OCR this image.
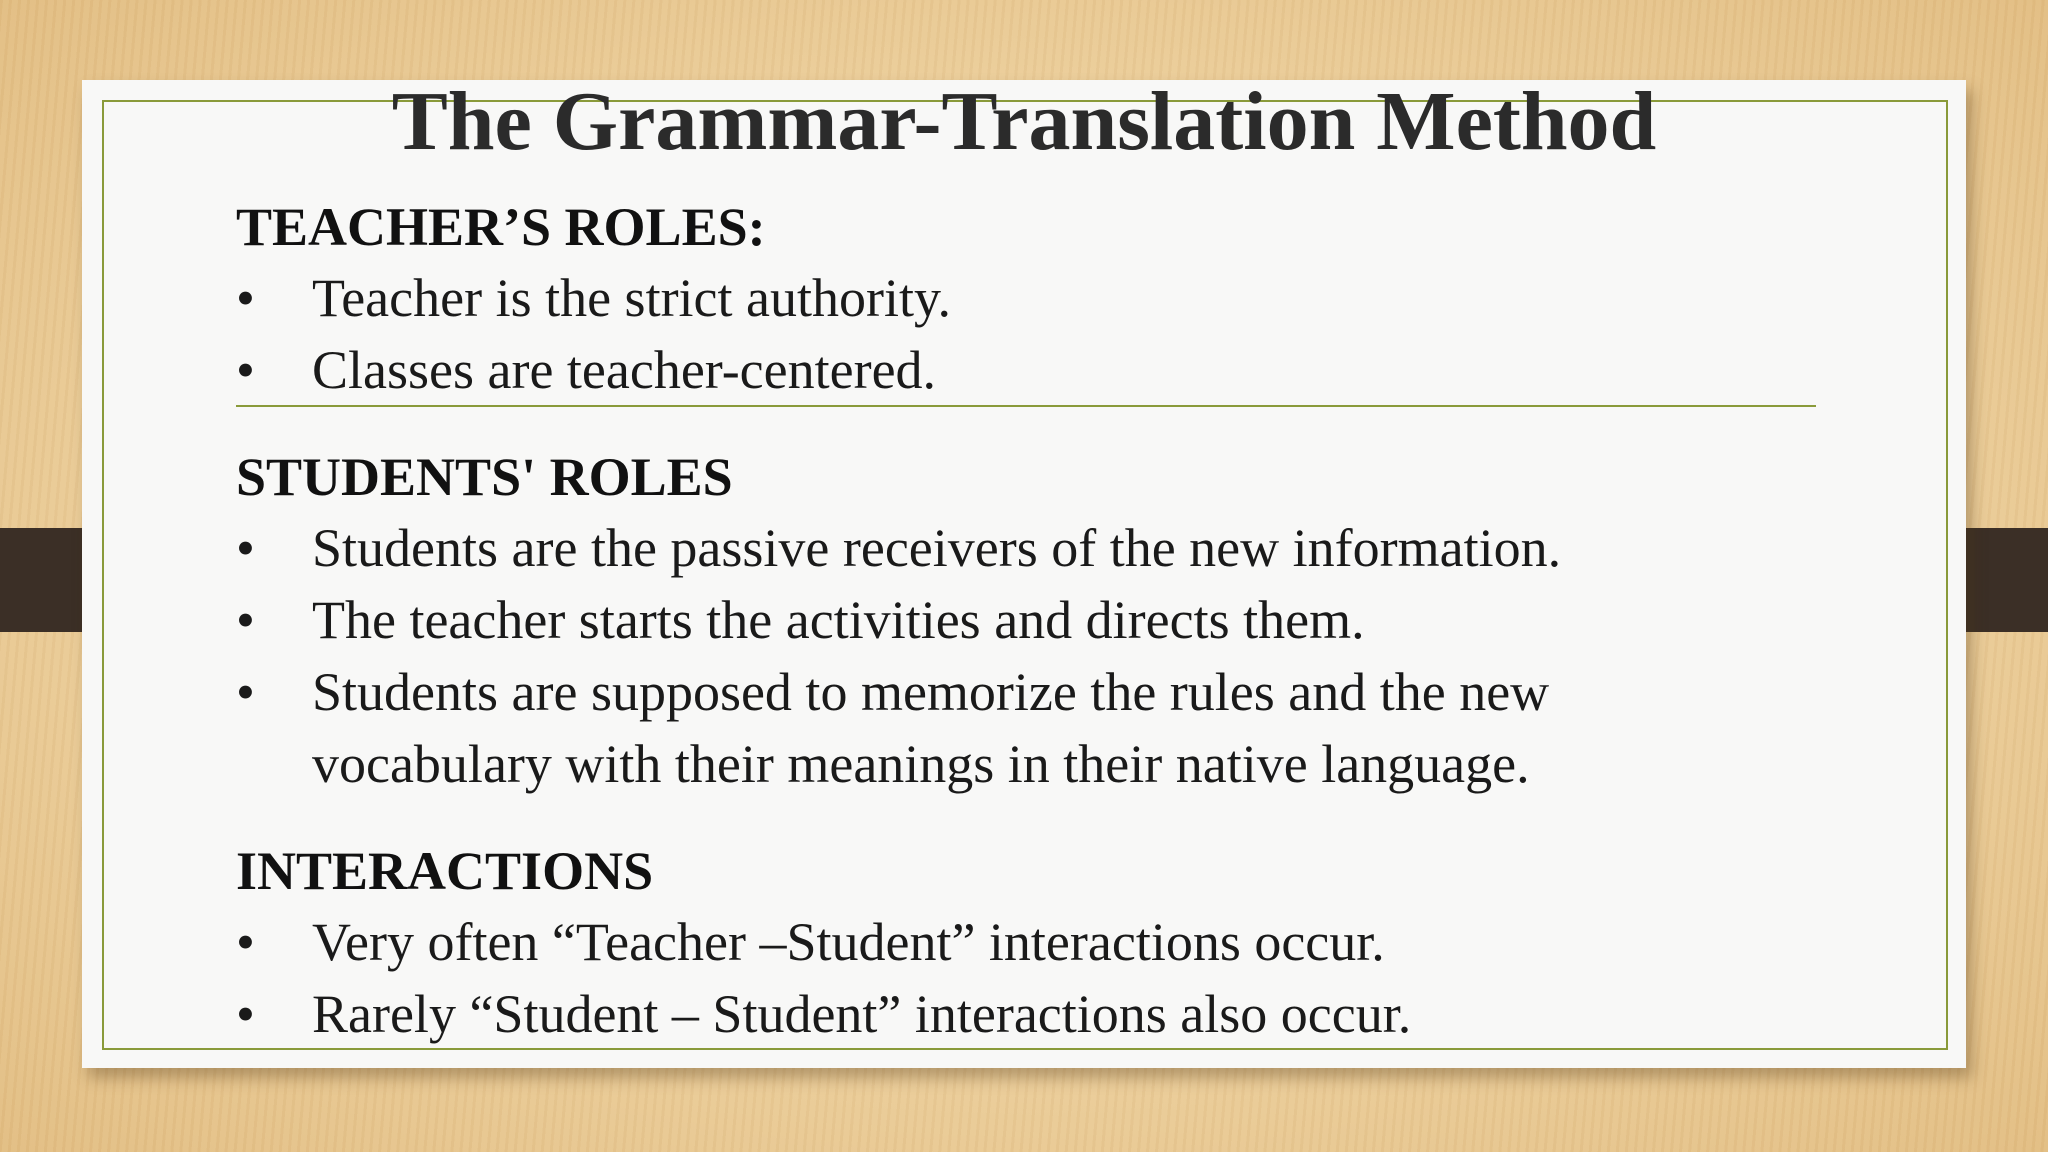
The Grammar-Translation Method
TEACHER’S ROLES:
•	Teacher is the strict authority.
•	Classes are teacher-centered.
STUDENTS' ROLES
•	Students are the passive receivers of the new information.
•	The teacher starts the activities and directs them.
•	Students are supposed to memorize the rules and the new vocabulary with their meanings in their native language.
INTERACTIONS
•	Very often “Teacher –Student” interactions occur.
•	Rarely “Student – Student” interactions also occur.
